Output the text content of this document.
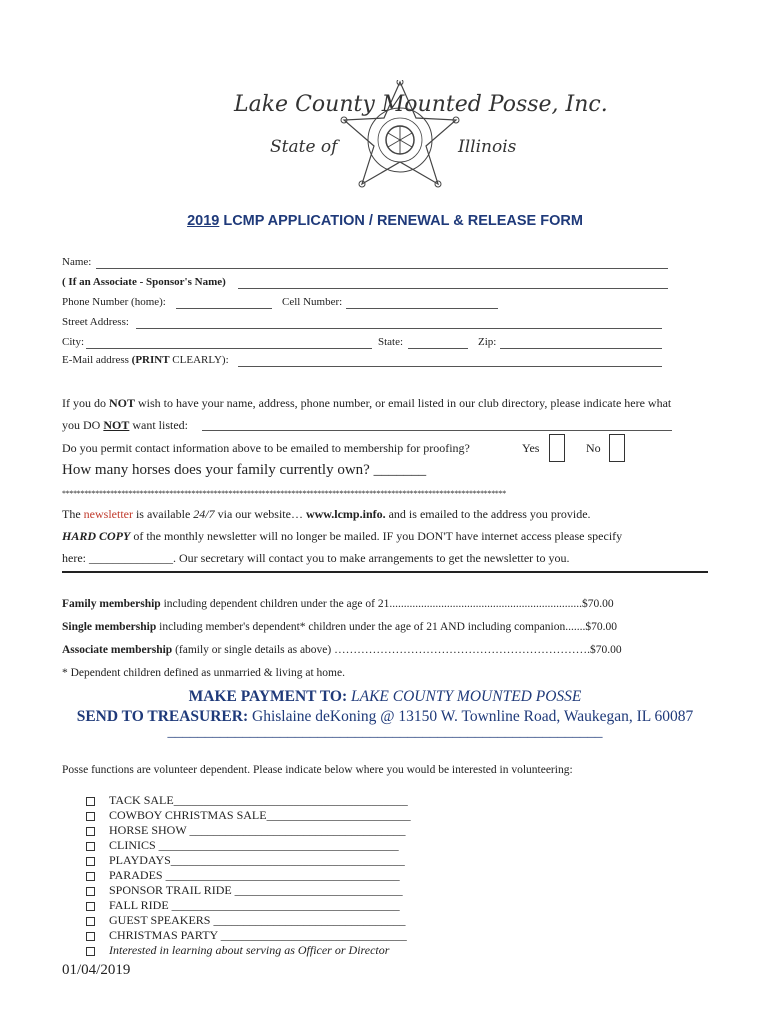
Lake County Mounted Posse, Inc.
State of	Illinois
2019 LCMP APPLICATION / RENEWAL & RELEASE FORM
Name:
( If an Associate - Sponsor's Name)
Phone Number (home):	Cell Number:
Street Address:
City:	State:	Zip:
E-Mail address (PRINT CLEARLY):
If you do NOT wish to have your name, address, phone number, or email listed in our club directory, please indicate here what
you DO NOT want listed:
Do you permit contact information above to be emailed to membership for proofing?	Yes	No
How many horses does your family currently own? _______
************************************************************************************************************************
The newsletter is available 24/7 via our website… www.lcmp.info. and is emailed to the address you provide.
HARD COPY of the monthly newsletter will no longer be mailed. IF you DON'T have internet access please specify
here: ______________. Our secretary will contact you to make arrangements to get the newsletter to you.
Family membership including dependent children under the age of 21...................................................................$70.00
Single membership including member's dependent* children under the age of 21 AND including companion.......$70.00
Associate membership (family or single details as above) ………………………………………………………….$70.00
* Dependent children defined as unmarried & living at home.
MAKE PAYMENT TO: LAKE COUNTY MOUNTED POSSE
SEND TO TREASURER: Ghislaine deKoning @ 13150 W. Townline Road, Waukegan, IL 60087
__________________________________________________________
Posse functions are volunteer dependent. Please indicate below where you would be interested in volunteering:
TACK SALE_______________________________________
COWBOY CHRISTMAS SALE________________________
HORSE SHOW ____________________________________
CLINICS ________________________________________
PLAYDAYS_______________________________________
PARADES _______________________________________
SPONSOR TRAIL RIDE ____________________________
FALL RIDE ______________________________________
GUEST SPEAKERS ________________________________
CHRISTMAS PARTY _______________________________
Interested in learning about serving as Officer or Director
01/04/2019
